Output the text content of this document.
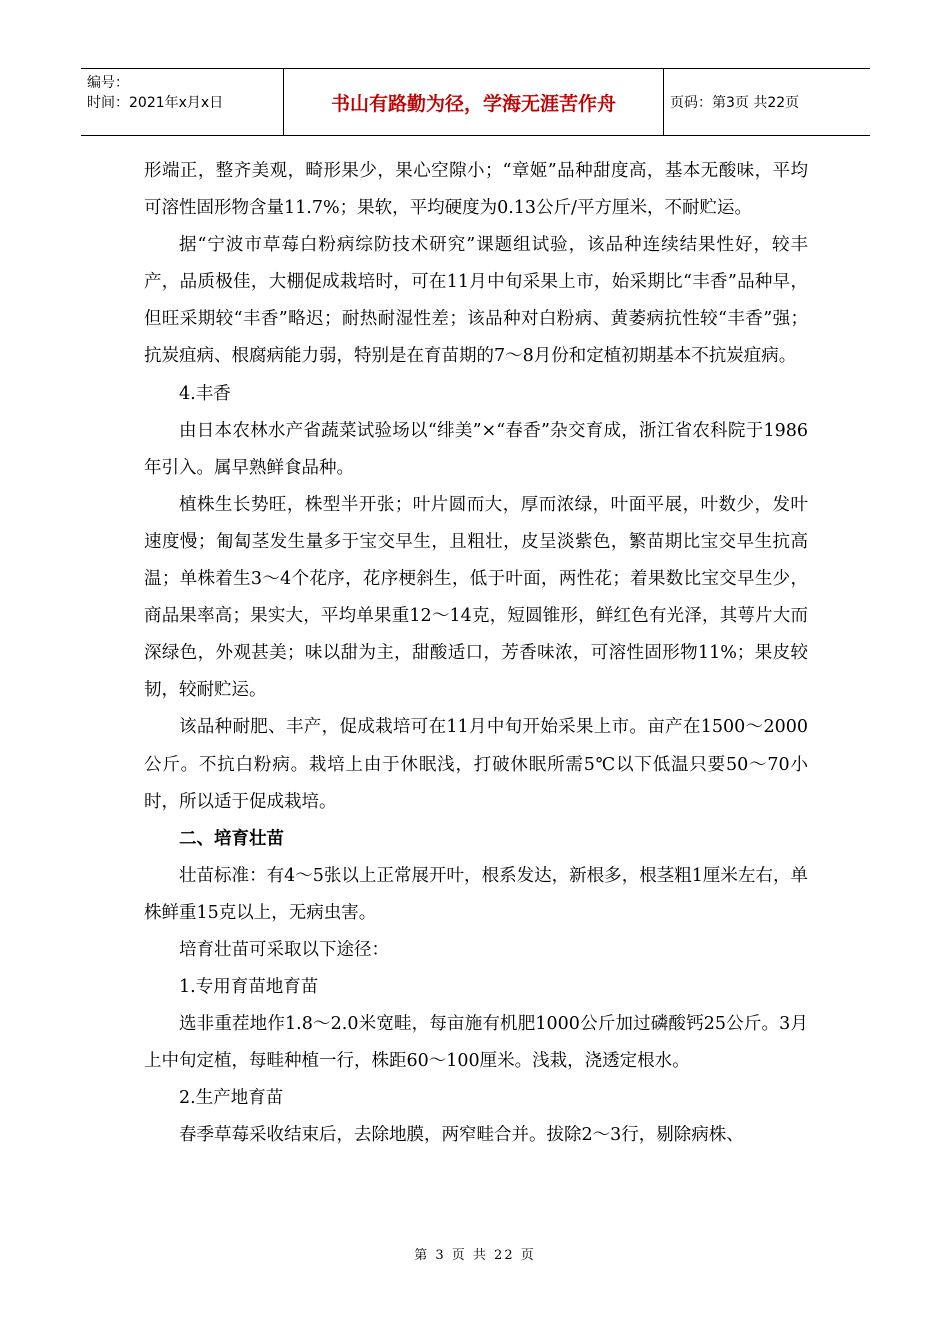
编号：
时间：2021年x月x日	书山有路勤为径，学海无涯苦作舟	页码：第3页 共22页

形端正，整齐美观，畸形果少，果心空隙小；“章姬”品种甜度高，基本无酸味，平均可溶性固形物含量11.7%；果软，平均硬度为0.13公斤/平方厘米，不耐贮运。

据“宁波市草莓白粉病综防技术研究”课题组试验，该品种连续结果性好，较丰产，品质极佳，大棚促成栽培时，可在11月中旬采果上市，始采期比“丰香”品种早，但旺采期较“丰香”略迟；耐热耐湿性差；该品种对白粉病、黄萎病抗性较“丰香”强；抗炭疽病、根腐病能力弱，特别是在育苗期的7～8月份和定植初期基本不抗炭疽病。

4.丰香

由日本农林水产省蔬菜试验场以“绯美”×“春香”杂交育成，浙江省农科院于1986年引入。属早熟鲜食品种。

植株生长势旺，株型半开张；叶片圆而大，厚而浓绿，叶面平展，叶数少，发叶速度慢；匍匐茎发生量多于宝交早生，且粗壮，皮呈淡紫色，繁苗期比宝交早生抗高温；单株着生3～4个花序，花序梗斜生，低于叶面，两性花；着果数比宝交早生少，商品果率高；果实大，平均单果重12～14克，短圆锥形，鲜红色有光泽，其萼片大而深绿色，外观甚美；味以甜为主，甜酸适口，芳香味浓，可溶性固形物11%；果皮较韧，较耐贮运。

该品种耐肥、丰产，促成栽培可在11月中旬开始采果上市。亩产在1500～2000公斤。不抗白粉病。栽培上由于休眠浅，打破休眠所需5℃以下低温只要50～70小时，所以适于促成栽培。

二、培育壮苗

壮苗标准：有4～5张以上正常展开叶，根系发达，新根多，根茎粗1厘米左右，单株鲜重15克以上，无病虫害。

培育壮苗可采取以下途径：

1.专用育苗地育苗

选非重茬地作1.8～2.0米宽畦，每亩施有机肥1000公斤加过磷酸钙25公斤。3月上中旬定植，每畦种植一行，株距60～100厘米。浅栽，浇透定根水。

2.生产地育苗

春季草莓采收结束后，去除地膜，两窄畦合并。拔除2～3行，剔除病株、

第 3 页 共 22 页
